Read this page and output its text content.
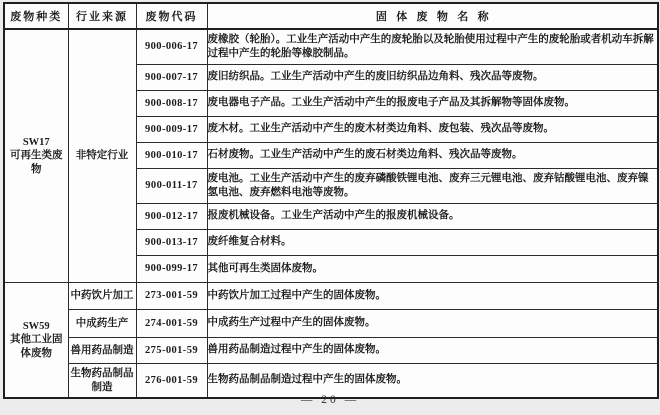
废物种类	行业来源	废物代码	固体废物名称

SW17
可再生类废物	非特定行业	900-006-17	废橡胶（轮胎）。工业生产活动中产生的废轮胎以及轮胎使用过程中产生的废轮胎或者机动车拆解过程中产生的轮胎等橡胶制品。
		900-007-17	废旧纺织品。工业生产活动中产生的废旧纺织品边角料、残次品等废物。
		900-008-17	废电器电子产品。工业生产活动中产生的报废电子产品及其拆解物等固体废物。
		900-009-17	废木材。工业生产活动中产生的废木材类边角料、废包装、残次品等废物。
		900-010-17	石材废物。工业生产活动中产生的废石材类边角料、残次品等废物。
		900-011-17	废电池。工业生产活动中产生的废弃磷酸铁锂电池、废弃三元锂电池、废弃钴酸锂电池、废弃镍氢电池、废弃燃料电池等废物。
		900-012-17	报废机械设备。工业生产活动中产生的报废机械设备。
		900-013-17	废纤维复合材料。
		900-099-17	其他可再生类固体废物。

SW59
其他工业固体废物	中药饮片加工	273-001-59	中药饮片加工过程中产生的固体废物。
	中成药生产	274-001-59	中成药生产过程中产生的固体废物。
	兽用药品制造	275-001-59	兽用药品制造过程中产生的固体废物。
	生物药品制品制造	276-001-59	生物药品制品制造过程中产生的固体废物。
— 20 —
